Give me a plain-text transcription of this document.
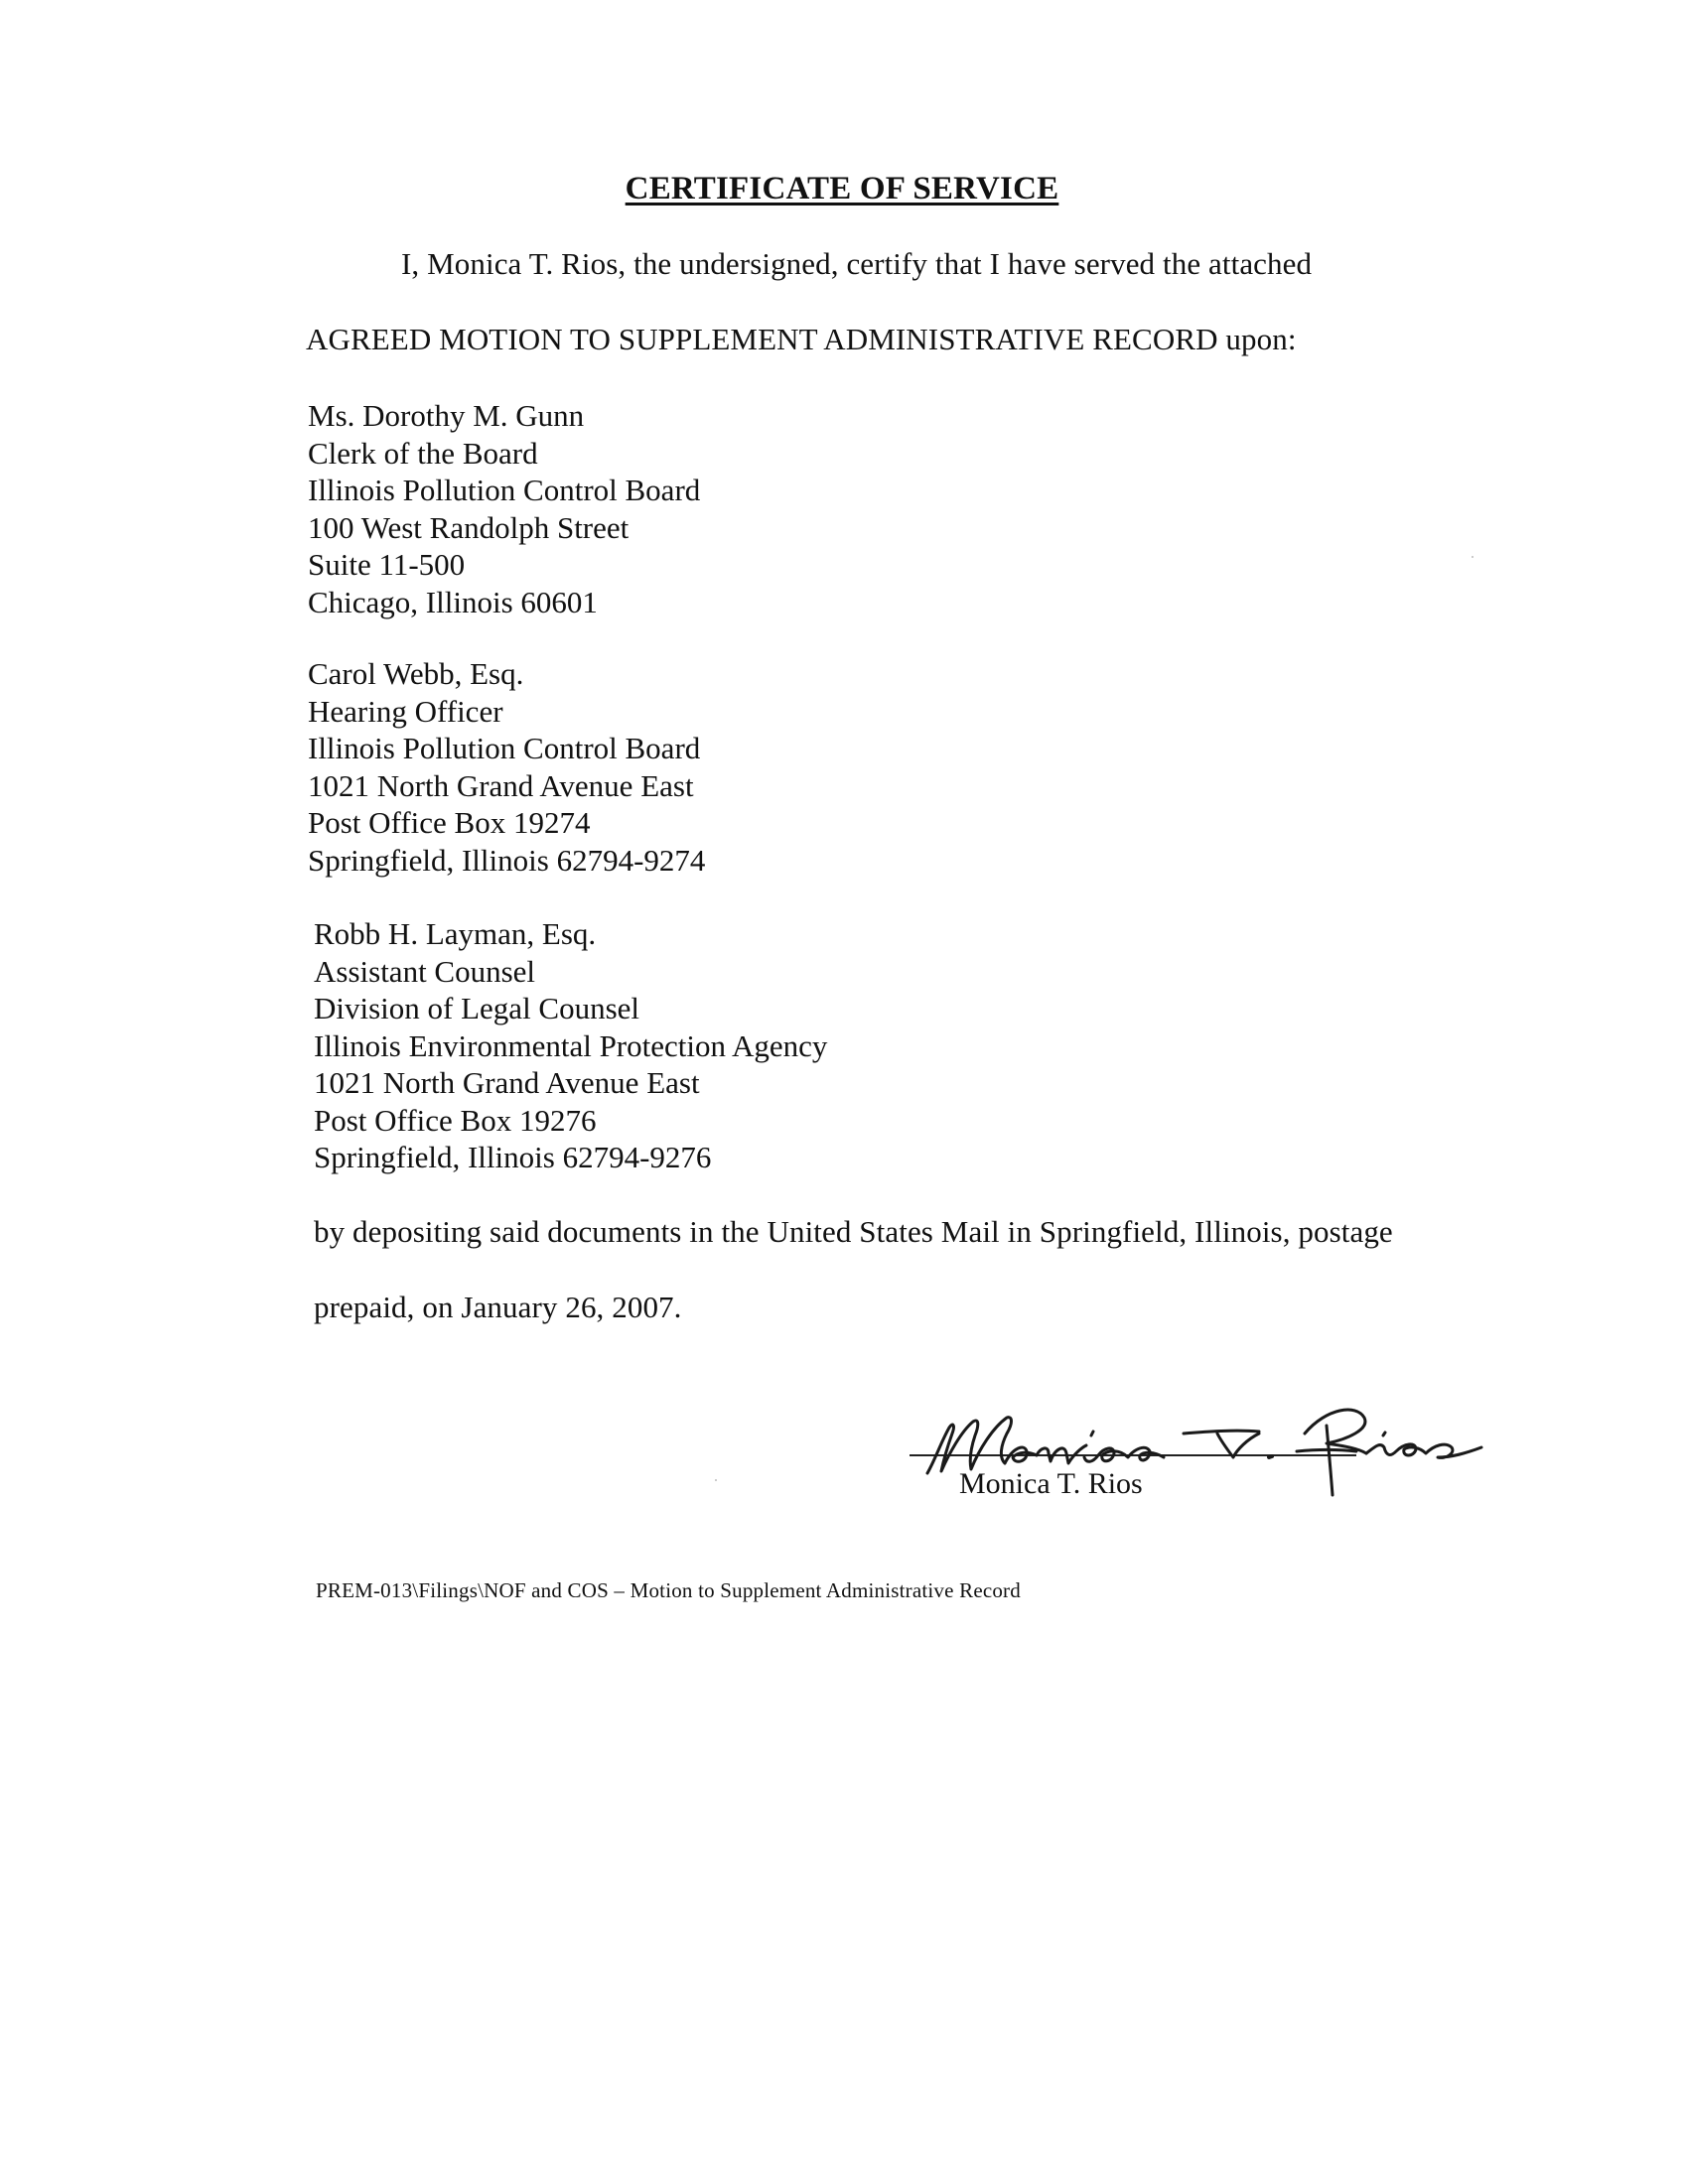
CERTIFICATE OF SERVICE
I, Monica T. Rios, the undersigned, certify that I have served the attached
AGREED MOTION TO SUPPLEMENT ADMINISTRATIVE RECORD upon:
Ms. Dorothy M. Gunn
Clerk of the Board
Illinois Pollution Control Board
100 West Randolph Street
Suite 11-500
Chicago, Illinois 60601
Carol Webb, Esq.
Hearing Officer
Illinois Pollution Control Board
1021 North Grand Avenue East
Post Office Box 19274
Springfield, Illinois 62794-9274
Robb H. Layman, Esq.
Assistant Counsel
Division of Legal Counsel
Illinois Environmental Protection Agency
1021 North Grand Avenue East
Post Office Box 19276
Springfield, Illinois 62794-9276
by depositing said documents in the United States Mail in Springfield, Illinois, postage
prepaid, on January 26, 2007.
Monica T. Rios
PREM-013\Filings\NOF and COS – Motion to Supplement Administrative Record
